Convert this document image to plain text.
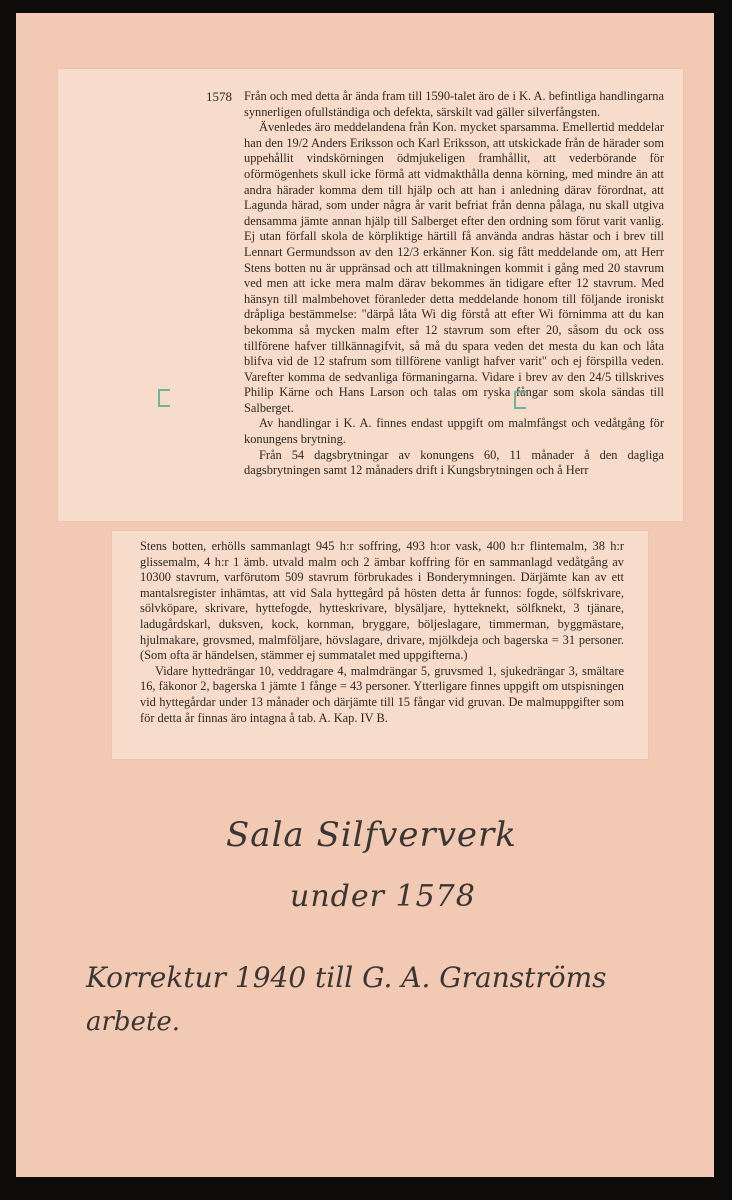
1578 Från och med detta år ända fram till 1590-talet äro de i K. A. befintliga handlingarna synnerligen ofullständiga och defekta, särskilt vad gäller silverfångsten.

Ävenledes äro meddelandena från Kon. mycket sparsamma. Emellertid meddelar han den 19/2 Anders Eriksson och Karl Eriksson, att utskickade från de härader som uppehållit vindskörningen ödmjukeligen framhållit, att vederbörande för oförmögenhets skull icke förmå att vidmakthålla denna körning, med mindre än att andra härader komma dem till hjälp och att han i anledning därav förordnat, att Lagunda härad, som under några år varit befriat från denna pålaga, nu skall utgiva densamma jämte annan hjälp till Salberget efter den ordning som förut varit vanlig. Ej utan förfall skola de körpliktige härtill få använda andras hästar och i brev till Lennart Germundsson av den 12/3 erkänner Kon. sig fått meddelande om, att Herr Stens botten nu är uppränsad och att tillmakningen kommit i gång med 20 stavrum ved men att icke mera malm därav bekommes än tidigare efter 12 stavrum. Med hänsyn till malmbehovet föranleder detta meddelande honom till följande ironiskt dråpliga bestämmelse: "därpå låta Wi dig förstå att efter Wi förnimma att du kan bekomma så mycken malm efter 12 stavrum som efter 20, såsom du ock oss tillförene hafver tillkännagifvit, så må du spara veden det mesta du kan och låta blifva vid de 12 stafrum som tillförene vanligt hafver varit" och ej förspilla veden. Varefter komma de sedvanliga förmaningarna. Vidare i brev av den 24/5 tillskrives Philip Kärne och Hans Larson och talas om ryska fångar som skola sändas till Salberget.

Av handlingar i K. A. finnes endast uppgift om malmfångst och vedåtgång för konungens brytning.

Från 54 dagsbrytningar av konungens 60, 11 månader å den dagliga dagsbrytningen samt 12 månaders drift i Kungsbrytningen och å Herr

Stens botten, erhölls sammanlagt 945 h:r soffring, 493 h:or vask, 400 h:r flintemalm, 38 h:r glissemalm, 4 h:r 1 ämb. utvald malm och 2 ämbar koffring för en sammanlagd vedåtgång av 10300 stavrum, varförutom 509 stavrum förbrukades i Bonderymningen. Därjämte kan av ett mantalsregister inhämtas, att vid Sala hyttegård på hösten detta år funnos: fogde, sölfskrivare, sölvköpare, skrivare, hyttefogde, hytteskrivare, blysäljare, hytteknekt, sölfknekt, 3 tjänare, ladugårdskarl, duksven, kock, kornman, bryggare, böljeslagare, timmerman, byggmästare, hjulmakare, grovsmed, malmföljare, hövslagare, drivare, mjölkdeja och bagerska = 31 personer. (Som ofta är händelsen, stämmer ej summatalet med uppgifterna.)

Vidare hyttedrängar 10, veddragare 4, malmdrängar 5, gruvsmed 1, sjukedrängar 3, smältare 16, fäkonor 2, bagerska 1 jämte 1 fånge = 43 personer. Ytterligare finnes uppgift om utspisningen vid hyttegårdar under 13 månader och därjämte till 15 fångar vid gruvan. De malmuppgifter som för detta år finnas äro intagna å tab. A. Kap. IV B.

Sala Silfververk
under 1578
Korrektur 1940 till G. A. Granströms
arbete.
